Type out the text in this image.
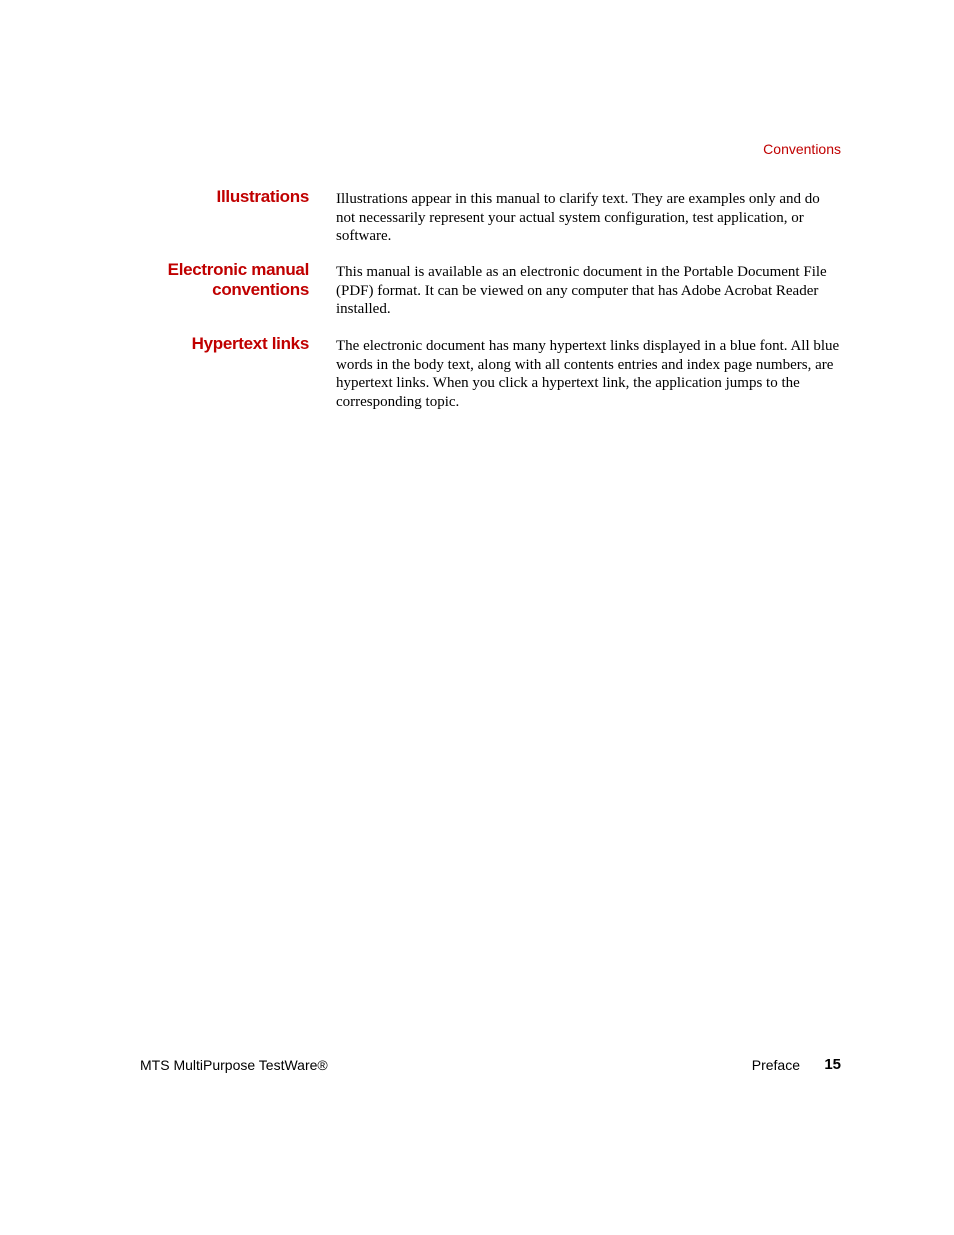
Conventions

Illustrations Illustrations appear in this manual to clarify text. They are examples only and do not necessarily represent your actual system configuration, test application, or software.

Electronic manual conventions

This manual is available as an electronic document in the Portable Document File (PDF) format. It can be viewed on any computer that has Adobe Acrobat Reader installed.

Hypertext links The electronic document has many hypertext links displayed in a blue font. All blue words in the body text, along with all contents entries and index page numbers, are hypertext links. When you click a hypertext link, the application jumps to the corresponding topic.

MTS MultiPurpose TestWare®	Preface 15
